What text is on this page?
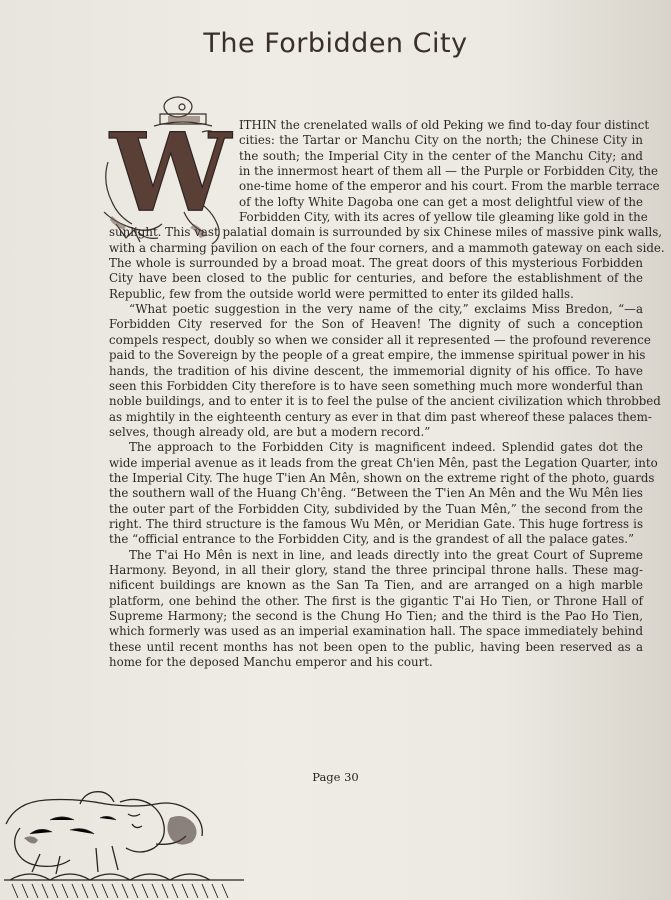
The Forbidden City
W ITHIN the crenelated walls of old Peking we find to-day four distinct
cities: the Tartar or Manchu City on the north; the Chinese City in
the south; the Imperial City in the center of the Manchu City; and
in the innermost heart of them all — the Purple or Forbidden City, the
one-time home of the emperor and his court. From the marble terrace
of the lofty White Dagoba one can get a most delightful view of the
Forbidden City, with its acres of yellow tile gleaming like gold in the
sunlight. This vast palatial domain is surrounded by six Chinese miles of massive pink walls,
with a charming pavilion on each of the four corners, and a mammoth gateway on each side.
The whole is surrounded by a broad moat. The great doors of this mysterious Forbidden
City have been closed to the public for centuries, and before the establishment of the
Republic, few from the outside world were permitted to enter its gilded halls.

“What poetic suggestion in the very name of the city,” exclaims Miss Bredon, “—a
Forbidden City reserved for the Son of Heaven! The dignity of such a conception
compels respect, doubly so when we consider all it represented — the profound reverence
paid to the Sovereign by the people of a great empire, the immense spiritual power in his
hands, the tradition of his divine descent, the immemorial dignity of his office. To have
seen this Forbidden City therefore is to have seen something much more wonderful than
noble buildings, and to enter it is to feel the pulse of the ancient civilization which throbbed
as mightily in the eighteenth century as ever in that dim past whereof these palaces them-
selves, though already old, are but a modern record.”

The approach to the Forbidden City is magnificent indeed. Splendid gates dot the
wide imperial avenue as it leads from the great Ch'ien Mên, past the Legation Quarter, into
the Imperial City. The huge T'ien An Mên, shown on the extreme right of the photo, guards
the southern wall of the Huang Ch'êng. “Between the T'ien An Mên and the Wu Mên lies
the outer part of the Forbidden City, subdivided by the Tuan Mên,” the second from the
right. The third structure is the famous Wu Mên, or Meridian Gate. This huge fortress is
the “official entrance to the Forbidden City, and is the grandest of all the palace gates.”

The T'ai Ho Mên is next in line, and leads directly into the great Court of Supreme
Harmony. Beyond, in all their glory, stand the three principal throne halls. These mag-
nificent buildings are known as the San Ta Tien, and are arranged on a high marble
platform, one behind the other. The first is the gigantic T'ai Ho Tien, or Throne Hall of
Supreme Harmony; the second is the Chung Ho Tien; and the third is the Pao Ho Tien,
which formerly was used as an imperial examination hall. The space immediately behind
these until recent months has not been open to the public, having been reserved as a
home for the deposed Manchu emperor and his court.

Page 30
